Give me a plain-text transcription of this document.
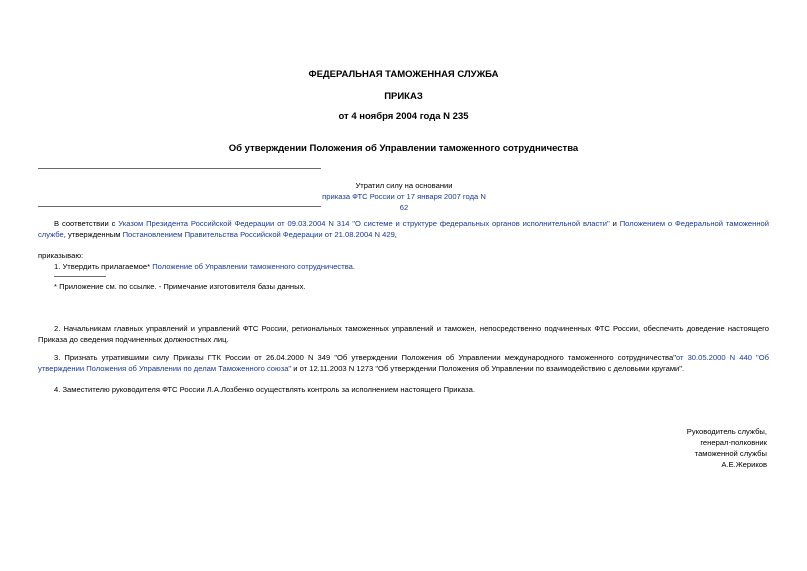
ФЕДЕРАЛЬНАЯ ТАМОЖЕННАЯ СЛУЖБА
ПРИКАЗ
от 4 ноября 2004 года N 235
Об утверждении Положения об Управлении таможенного сотрудничества
Утратил силу на основании
приказа ФТС России от 17 января 2007 года N 62
В соответствии с Указом Президента Российской Федерации от 09.03.2004 N 314 "О системе и структуре федеральных органов исполнительной власти" и Положением о Федеральной таможенной службе, утвержденным Постановлением Правительства Российской Федерации от 21.08.2004 N 429,
приказываю:
1. Утвердить прилагаемое* Положение об Управлении таможенного сотрудничества.
* Приложение см. по ссылке. - Примечание изготовителя базы данных.
2. Начальникам главных управлений и управлений ФТС России, региональных таможенных управлений и таможен, непосредственно подчиненных ФТС России, обеспечить доведение настоящего Приказа до сведения подчиненных должностных лиц.
3. Признать утратившими силу Приказы ГТК России от 26.04.2000 N 349 "Об утверждении Положения об Управлении международного таможенного сотрудничества"от 30.05.2000 N 440 "Об утверждении Положения об Управлении по делам Таможенного союза" и от 12.11.2003 N 1273 "Об утверждении Положения об Управлении по взаимодействию с деловыми кругами".
4. Заместителю руководителя ФТС России Л.А.Лозбенко осуществлять контроль за исполнением настоящего Приказа.
Руководитель службы,
генерал-полковник
таможенной службы
А.Е.Жериков
